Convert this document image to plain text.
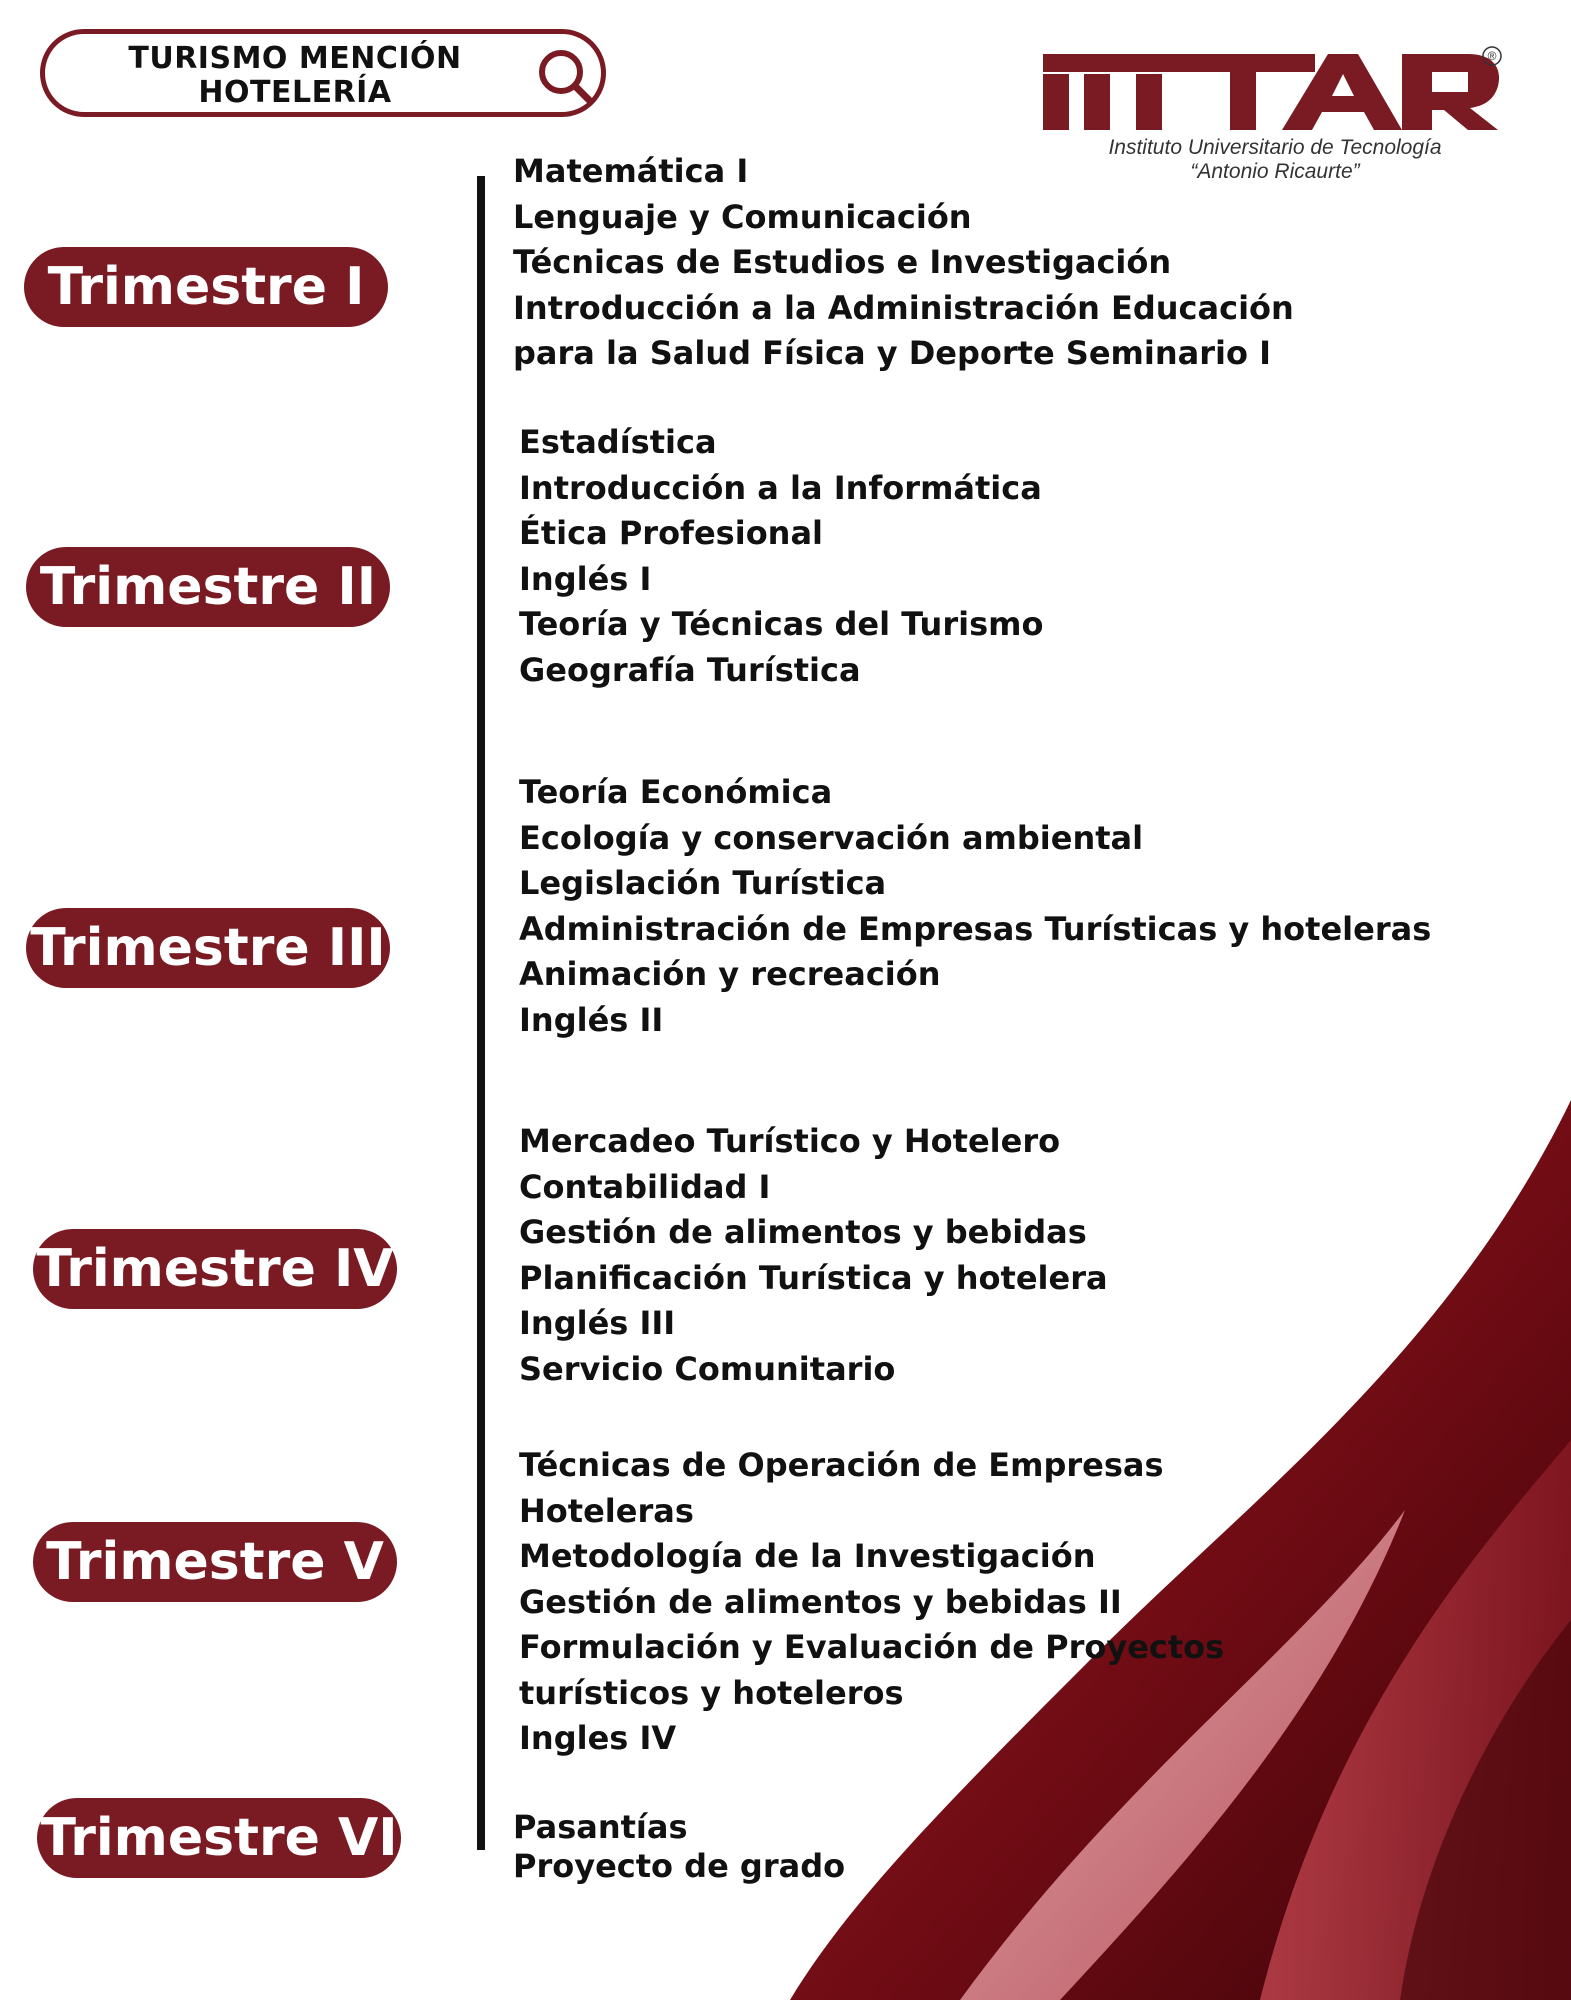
TURISMO MENCIÓN
HOTELERÍA
®
Instituto Universitario de Tecnología
“Antonio Ricaurte”
Trimestre I
Trimestre II
Trimestre III
Trimestre IV
Trimestre V
Trimestre VI
Matemática I
Lenguaje y Comunicación
Técnicas de Estudios e Investigación
Introducción a la Administración Educación
para la Salud Física y Deporte Seminario I
Estadística
Introducción a la Informática
Ética Profesional
Inglés I
Teoría y Técnicas del Turismo
Geografía Turística
Teoría Económica
Ecología y conservación ambiental
Legislación Turística
Administración de Empresas Turísticas y hoteleras
Animación y recreación
Inglés II
Mercadeo Turístico y Hotelero
Contabilidad I
Gestión de alimentos y bebidas
Planificación Turística y hotelera
Inglés III
Servicio Comunitario
Técnicas de Operación de Empresas
Hoteleras
Metodología de la Investigación
Gestión de alimentos y bebidas II
Formulación y Evaluación de Proyectos
turísticos y hoteleros
Ingles IV
Pasantías
Proyecto de grado
